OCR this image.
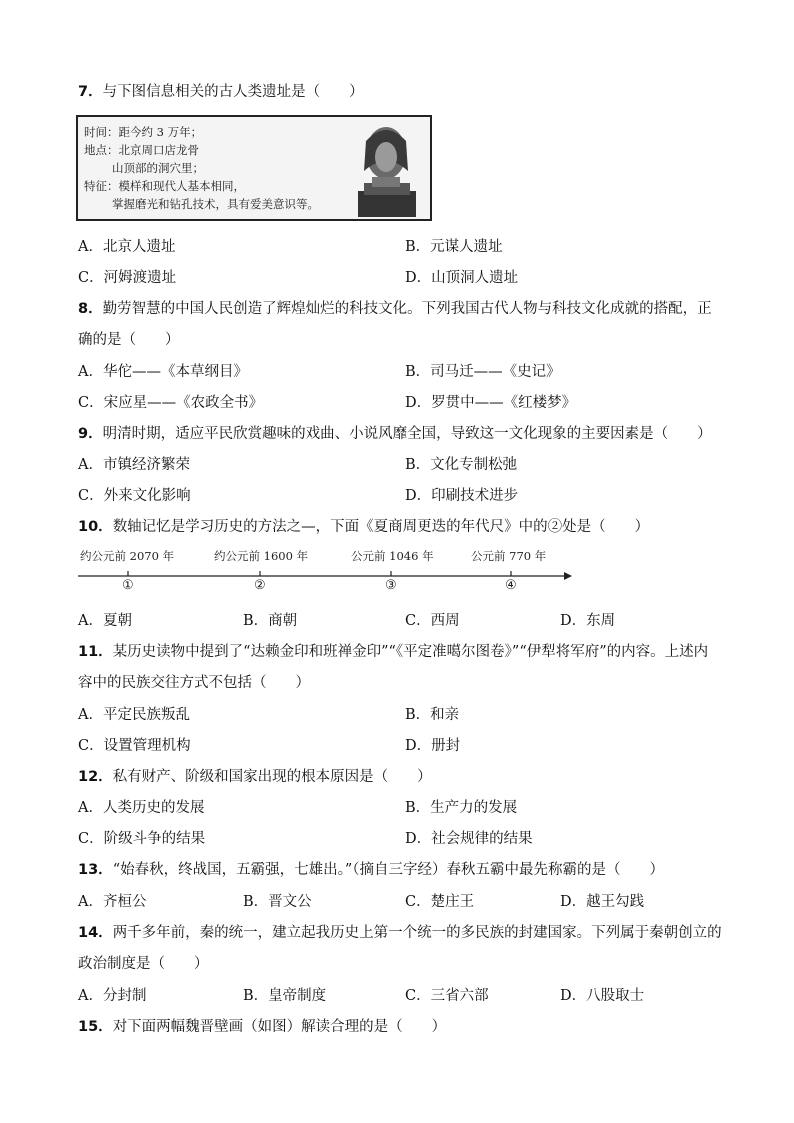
7．与下图信息相关的古人类遗址是（　　）
时间：距今约 3 万年；
地点：北京周口店龙骨
山顶部的洞穴里；
特征：模样和现代人基本相同，
掌握磨光和钻孔技术，具有爱美意识等。
A．北京人遗址	B．元谋人遗址
C．河姆渡遗址	D．山顶洞人遗址
8．勤劳智慧的中国人民创造了辉煌灿烂的科技文化。下列我国古代人物与科技文化成就的搭配，正
确的是（　　）
A．华佗——《本草纲目》	B．司马迁——《史记》
C．宋应星——《农政全书》	D．罗贯中——《红楼梦》
9．明清时期，适应平民欣赏趣味的戏曲、小说风靡全国，导致这一文化现象的主要因素是（　　）
A．市镇经济繁荣	B．文化专制松弛
C．外来文化影响	D．印刷技术进步
10．数轴记忆是学习历史的方法之—，下面《夏商周更迭的年代尺》中的②处是（　　）
约公元前 2070 年	约公元前 1600 年	公元前 1046 年	公元前 770 年
①	②	③	④
A．夏朝	B．商朝	C．西周	D．东周
11．某历史读物中提到了“达赖金印和班禅金印”“《平定准噶尔图卷》”“伊犁将军府”的内容。上述内
容中的民族交往方式不包括（　　）
A．平定民族叛乱	B．和亲
C．设置管理机构	D．册封
12．私有财产、阶级和国家出现的根本原因是（　　）
A．人类历史的发展	B．生产力的发展
C．阶级斗争的结果	D．社会规律的结果
13．“始春秋，终战国，五霸强，七雄出。”（摘自三字经）春秋五霸中最先称霸的是（　　）
A．齐桓公	B．晋文公	C．楚庄王	D．越王勾践
14．两千多年前，秦的统一，建立起我历史上第一个统一的多民族的封建国家。下列属于秦朝创立的
政治制度是（　　）
A．分封制	B．皇帝制度	C．三省六部	D．八股取士
15．对下面两幅魏晋壁画（如图）解读合理的是（　　）
